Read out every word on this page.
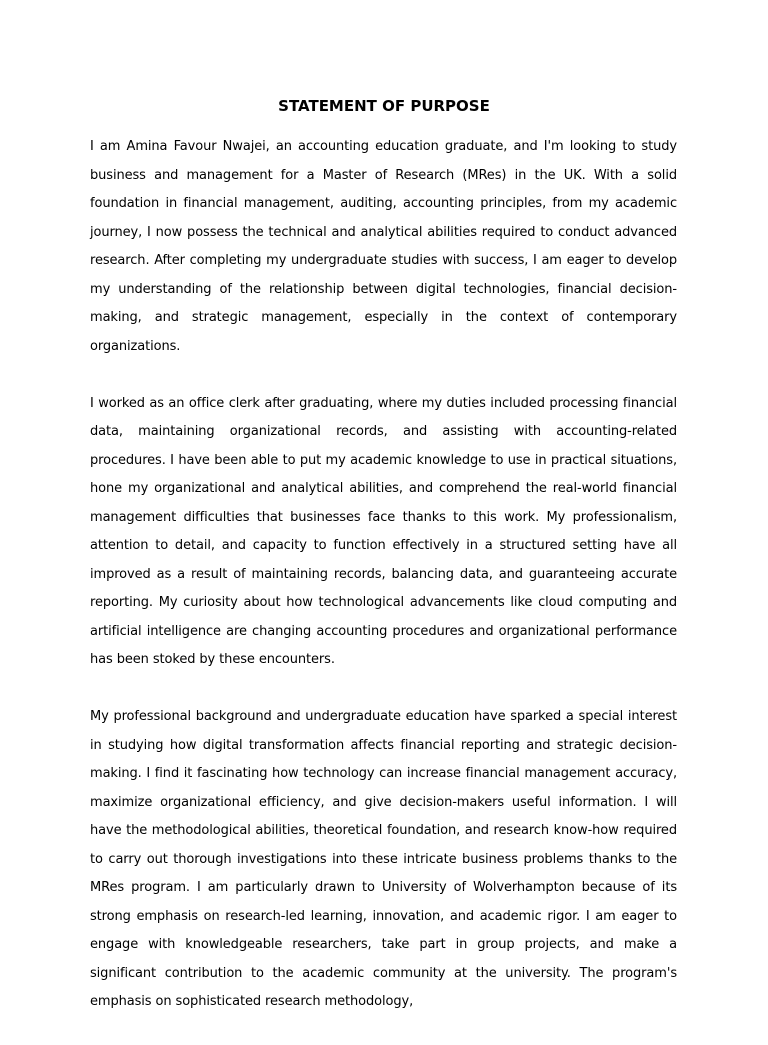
STATEMENT OF PURPOSE

I am Amina Favour Nwajei, an accounting education graduate, and I'm looking to study business and management for a Master of Research (MRes) in the UK. With a solid foundation in financial management, auditing, accounting principles, from my academic journey, I now possess the technical and analytical abilities required to conduct advanced research. After completing my undergraduate studies with success, I am eager to develop my understanding of the relationship between digital technologies, financial decision-making, and strategic management, especially in the context of contemporary organizations.

I worked as an office clerk after graduating, where my duties included processing financial data, maintaining organizational records, and assisting with accounting-related procedures. I have been able to put my academic knowledge to use in practical situations, hone my organizational and analytical abilities, and comprehend the real-world financial management difficulties that businesses face thanks to this work. My professionalism, attention to detail, and capacity to function effectively in a structured setting have all improved as a result of maintaining records, balancing data, and guaranteeing accurate reporting. My curiosity about how technological advancements like cloud computing and artificial intelligence are changing accounting procedures and organizational performance has been stoked by these encounters.

My professional background and undergraduate education have sparked a special interest in studying how digital transformation affects financial reporting and strategic decision-making. I find it fascinating how technology can increase financial management accuracy, maximize organizational efficiency, and give decision-makers useful information. I will have the methodological abilities, theoretical foundation, and research know-how required to carry out thorough investigations into these intricate business problems thanks to the MRes program. I am particularly drawn to University of Wolverhampton because of its strong emphasis on research-led learning, innovation, and academic rigor. I am eager to engage with knowledgeable researchers, take part in group projects, and make a significant contribution to the academic community at the university. The program's emphasis on sophisticated research methodology,
